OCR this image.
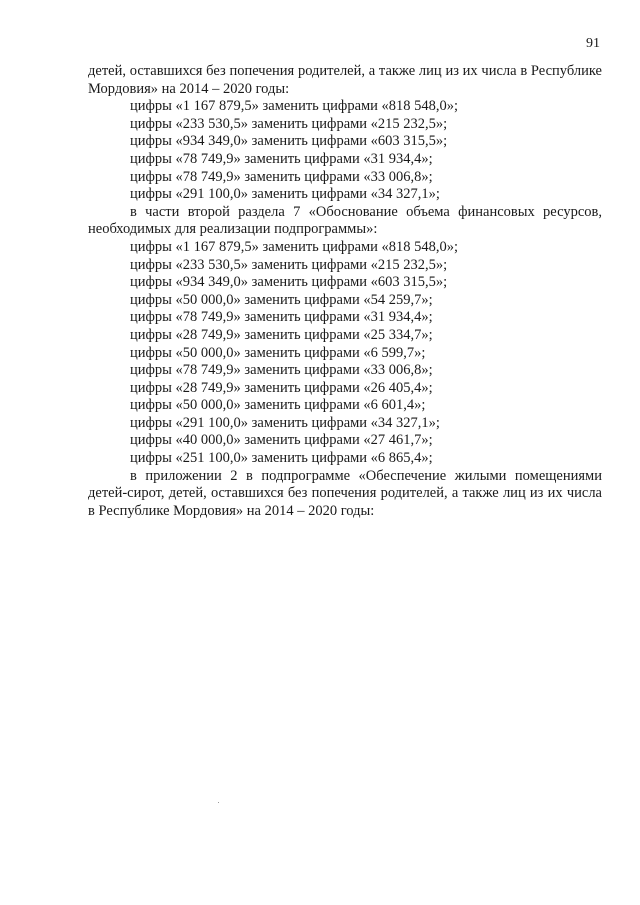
91

детей, оставшихся без попечения родителей, а также лиц из их числа в Республике Мордовия» на 2014 – 2020 годы:

цифры «1 167 879,5» заменить цифрами «818 548,0»;

цифры «233 530,5» заменить цифрами «215 232,5»;

цифры «934 349,0» заменить цифрами «603 315,5»;

цифры «78 749,9» заменить цифрами «31 934,4»;

цифры «78 749,9» заменить цифрами «33 006,8»;

цифры «291 100,0» заменить цифрами «34 327,1»;

в части второй раздела 7 «Обоснование объема финансовых ресурсов, необходимых для реализации подпрограммы»:

цифры «1 167 879,5» заменить цифрами «818 548,0»;

цифры «233 530,5» заменить цифрами «215 232,5»;

цифры «934 349,0» заменить цифрами «603 315,5»;

цифры «50 000,0» заменить цифрами «54 259,7»;

цифры «78 749,9» заменить цифрами «31 934,4»;

цифры «28 749,9» заменить цифрами «25 334,7»;

цифры «50 000,0» заменить цифрами «6 599,7»;

цифры «78 749,9» заменить цифрами «33 006,8»;

цифры «28 749,9» заменить цифрами «26 405,4»;

цифры «50 000,0» заменить цифрами «6 601,4»;

цифры «291 100,0» заменить цифрами «34 327,1»;

цифры «40 000,0» заменить цифрами «27 461,7»;

цифры «251 100,0» заменить цифрами «6 865,4»;

в приложении 2 в подпрограмме «Обеспечение жилыми помещениями детей-сирот, детей, оставшихся без попечения родителей, а также лиц из их числа в Республике Мордовия» на 2014 – 2020 годы:
